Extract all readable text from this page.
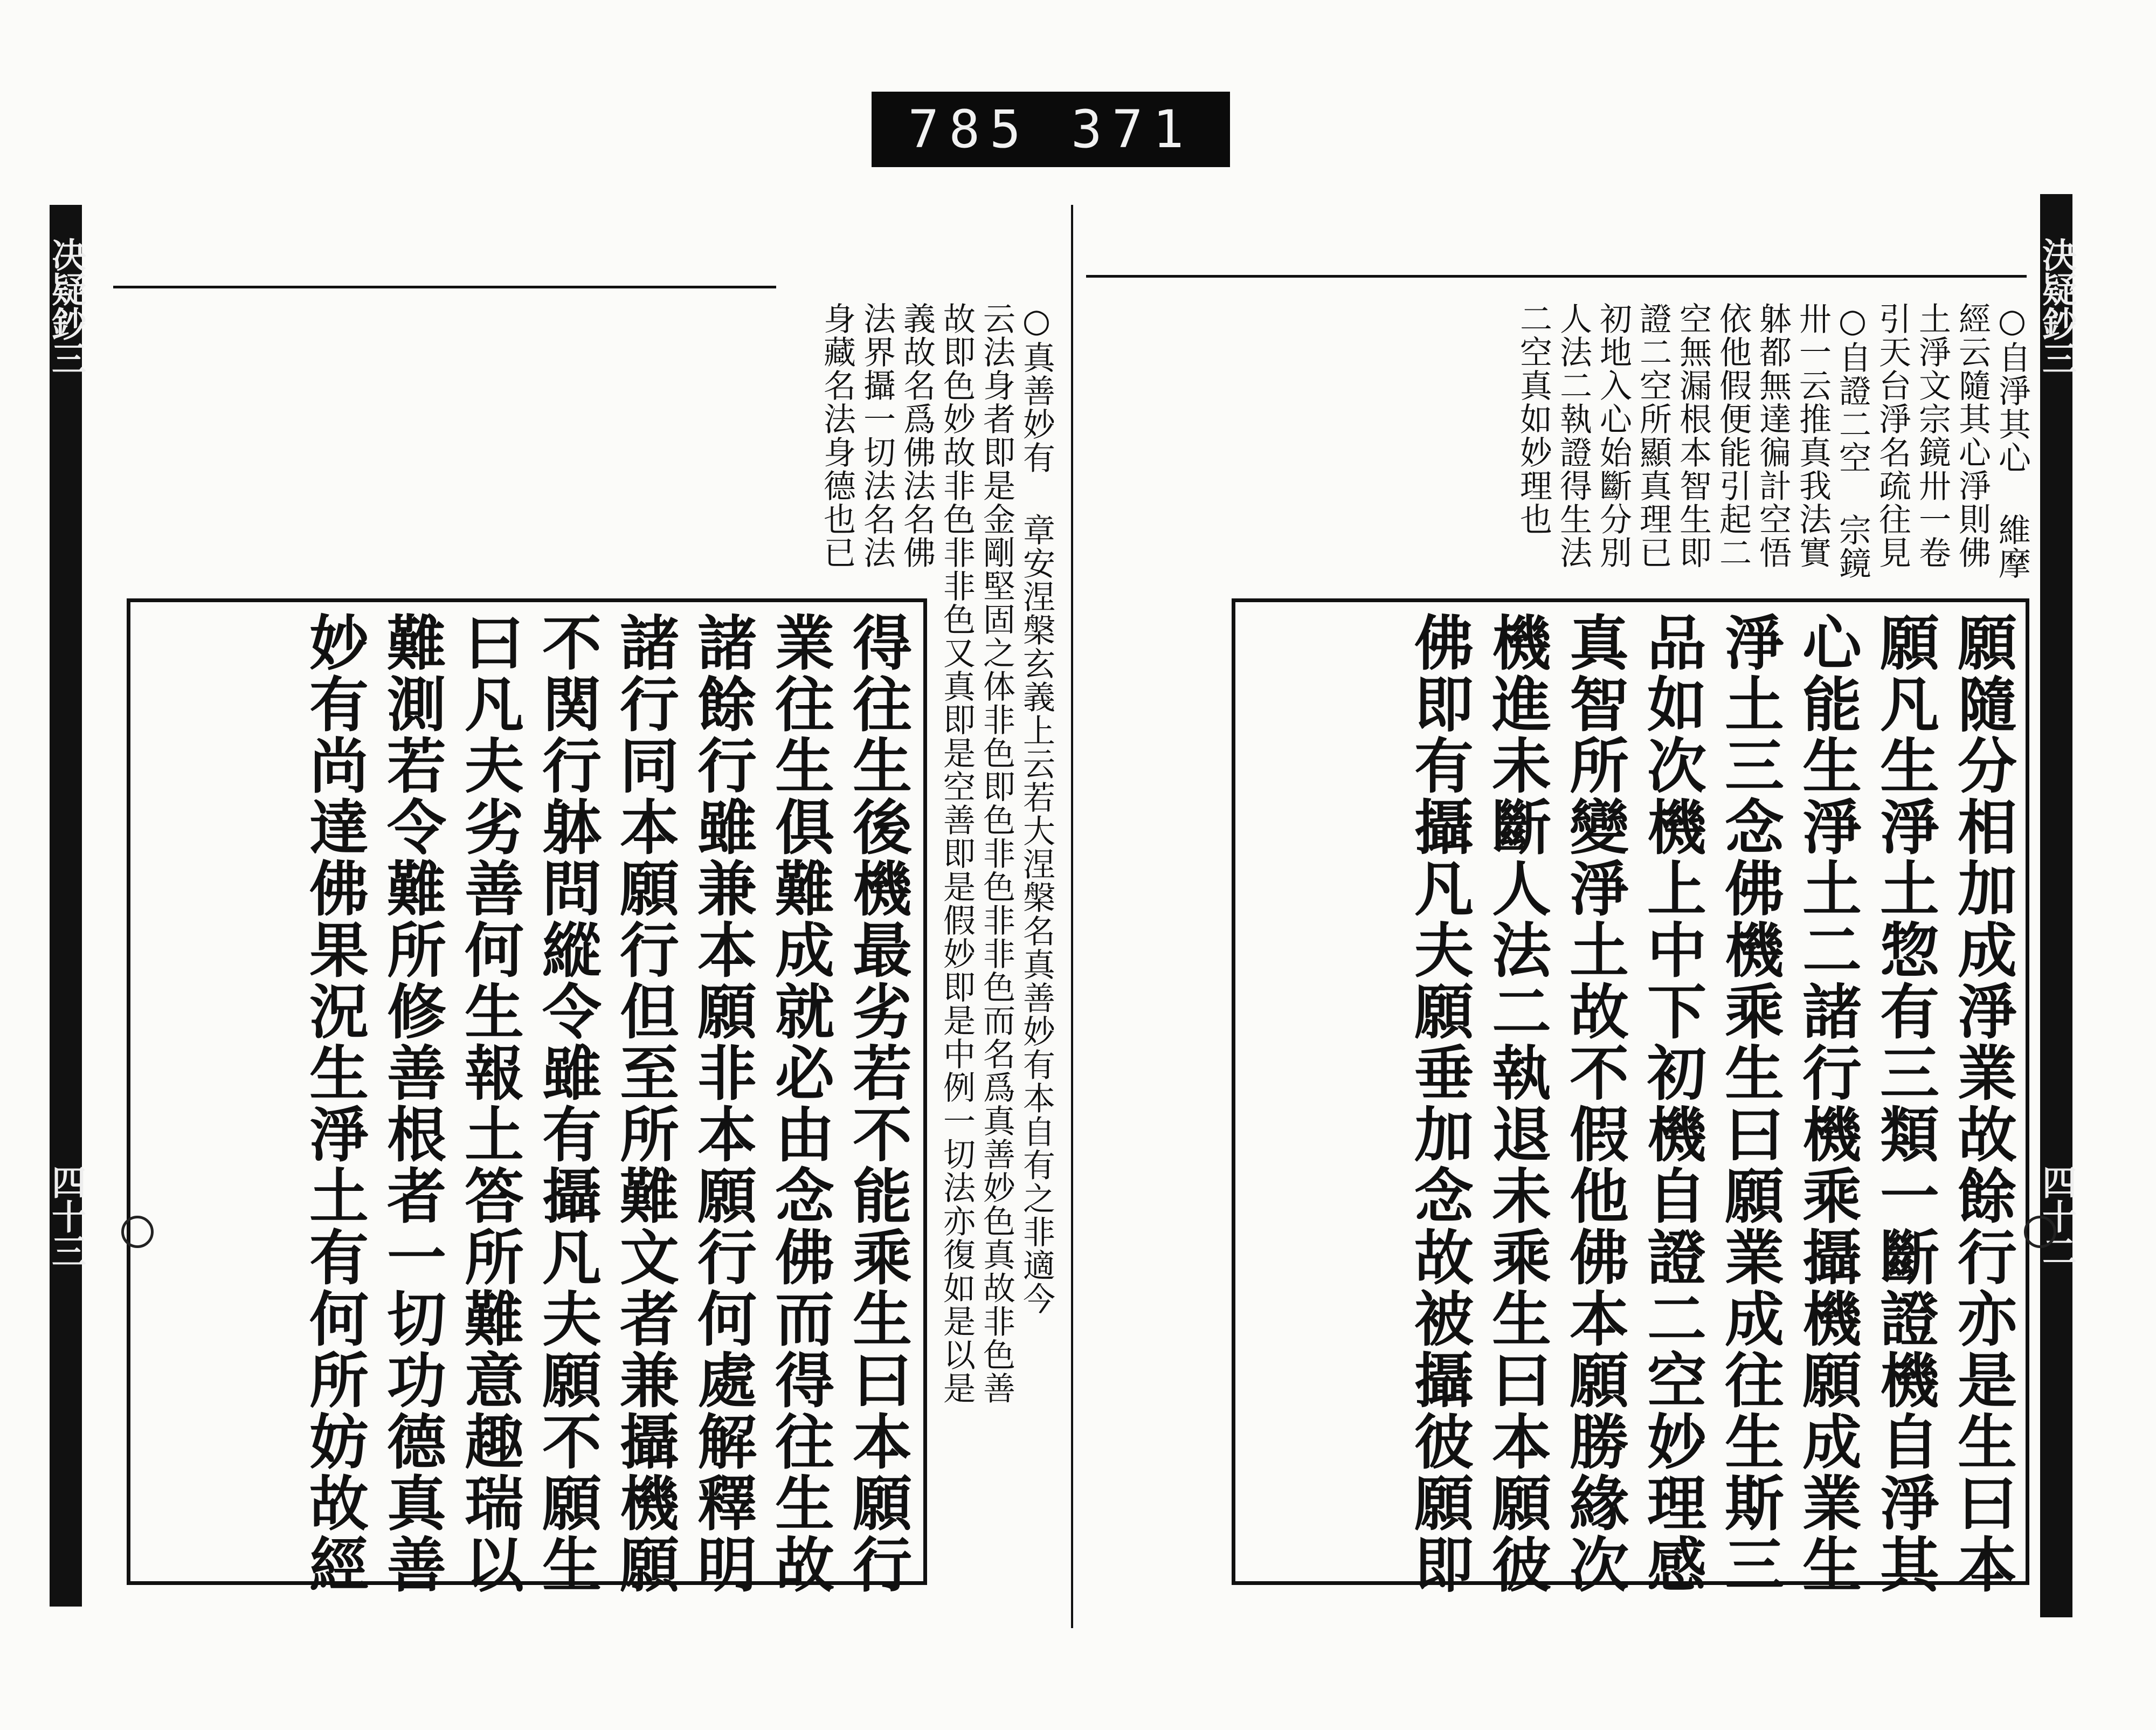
785 371
决疑鈔三
四十三	○真善妙有 章安涅槃玄義上云若大涅槃名真善妙有本自有之非適今
云法身者即是金剛堅固之体非色即色非色非非色而名爲真善妙色真故非色善
故即色妙故非色非非色又真即是空善即是假妙即是中例一切法亦復如是以是
義故名爲佛法名佛
法界攝一切法名法
身藏名法身德也已
得往生後機最劣若不能乘生曰本願行
業往生俱難成就必由念佛而得往生故
諸餘行雖兼本願非本願行何處解釋明
諸行同本願行但至所難文者兼攝機願
不関行躰問縱令雖有攝凡夫願不願生
曰凡夫劣善何生報土答所難意趣瑞以
難測若令難所修善根者一切功德真善
妙有尚達佛果況生淨土有何所妨故經
決疑鈔三
四十二
○自淨其心 維摩
經云隨其心淨則佛
土淨文宗鏡卅一卷
引天台淨名疏往見
○自證二空 宗鏡
卅一云推真我法實
躰都無達徧計空悟
依他假便能引起二
空無漏根本智生即
證二空所顯真理已
初地入心始斷分別
人法二執證得生法
二空真如妙理也
願隨分相加成淨業故餘行亦是生曰本
願凡生淨土惣有三類一斷證機自淨其
心能生淨土二諸行機乘攝機願成業生
淨土三念佛機乘生曰願業成往生斯三
品如次機上中下初機自證二空妙理感
真智所變淨土故不假他佛本願勝緣次
機進未斷人法二執退未乘生曰本願彼
佛即有攝凡夫願垂加念故被攝彼願即
